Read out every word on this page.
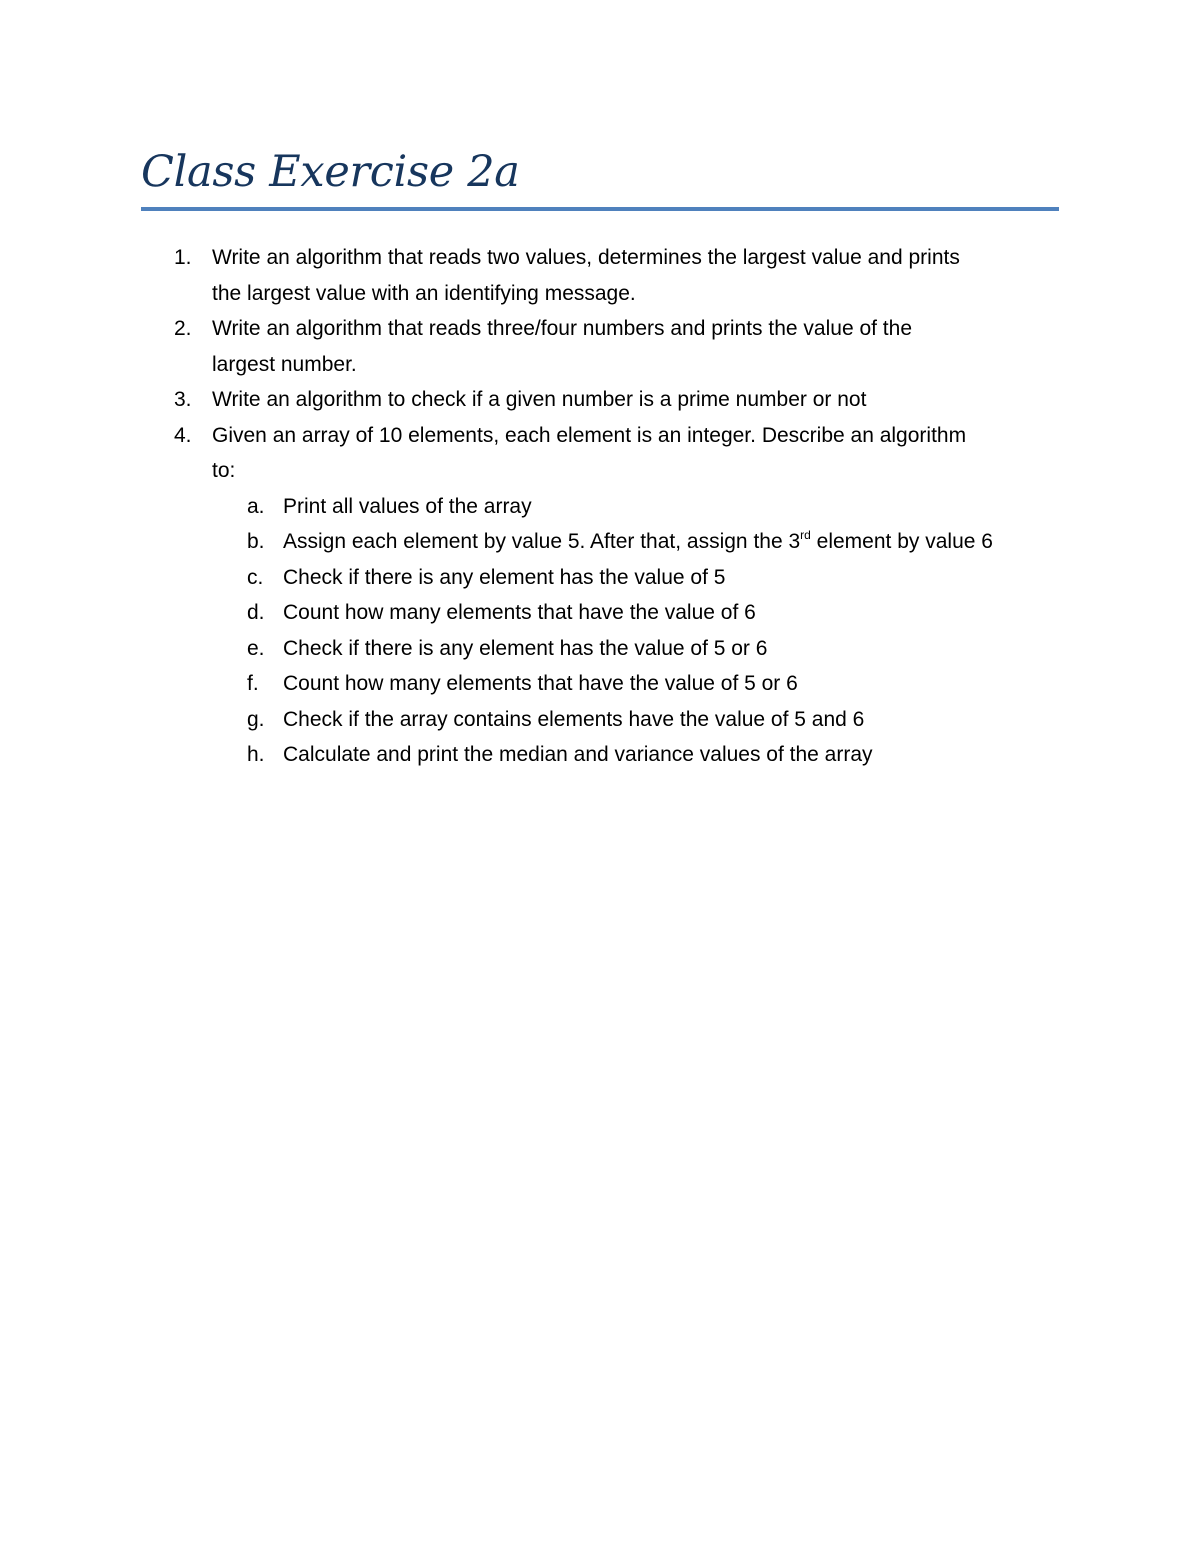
Class Exercise 2a
1. Write an algorithm that reads two values, determines the largest value and prints
the largest value with an identifying message.
2. Write an algorithm that reads three/four numbers and prints the value of the
largest number.
3. Write an algorithm to check if a given number is a prime number or not
4. Given an array of 10 elements, each element is an integer. Describe an algorithm
to:
a. Print all values of the array
b. Assign each element by value 5. After that, assign the 3rd element by value 6
c. Check if there is any element has the value of 5
d. Count how many elements that have the value of 6
e. Check if there is any element has the value of 5 or 6
f.	Count how many elements that have the value of 5 or 6
g. Check if the array contains elements have the value of 5 and 6
h. Calculate and print the median and variance values of the array
